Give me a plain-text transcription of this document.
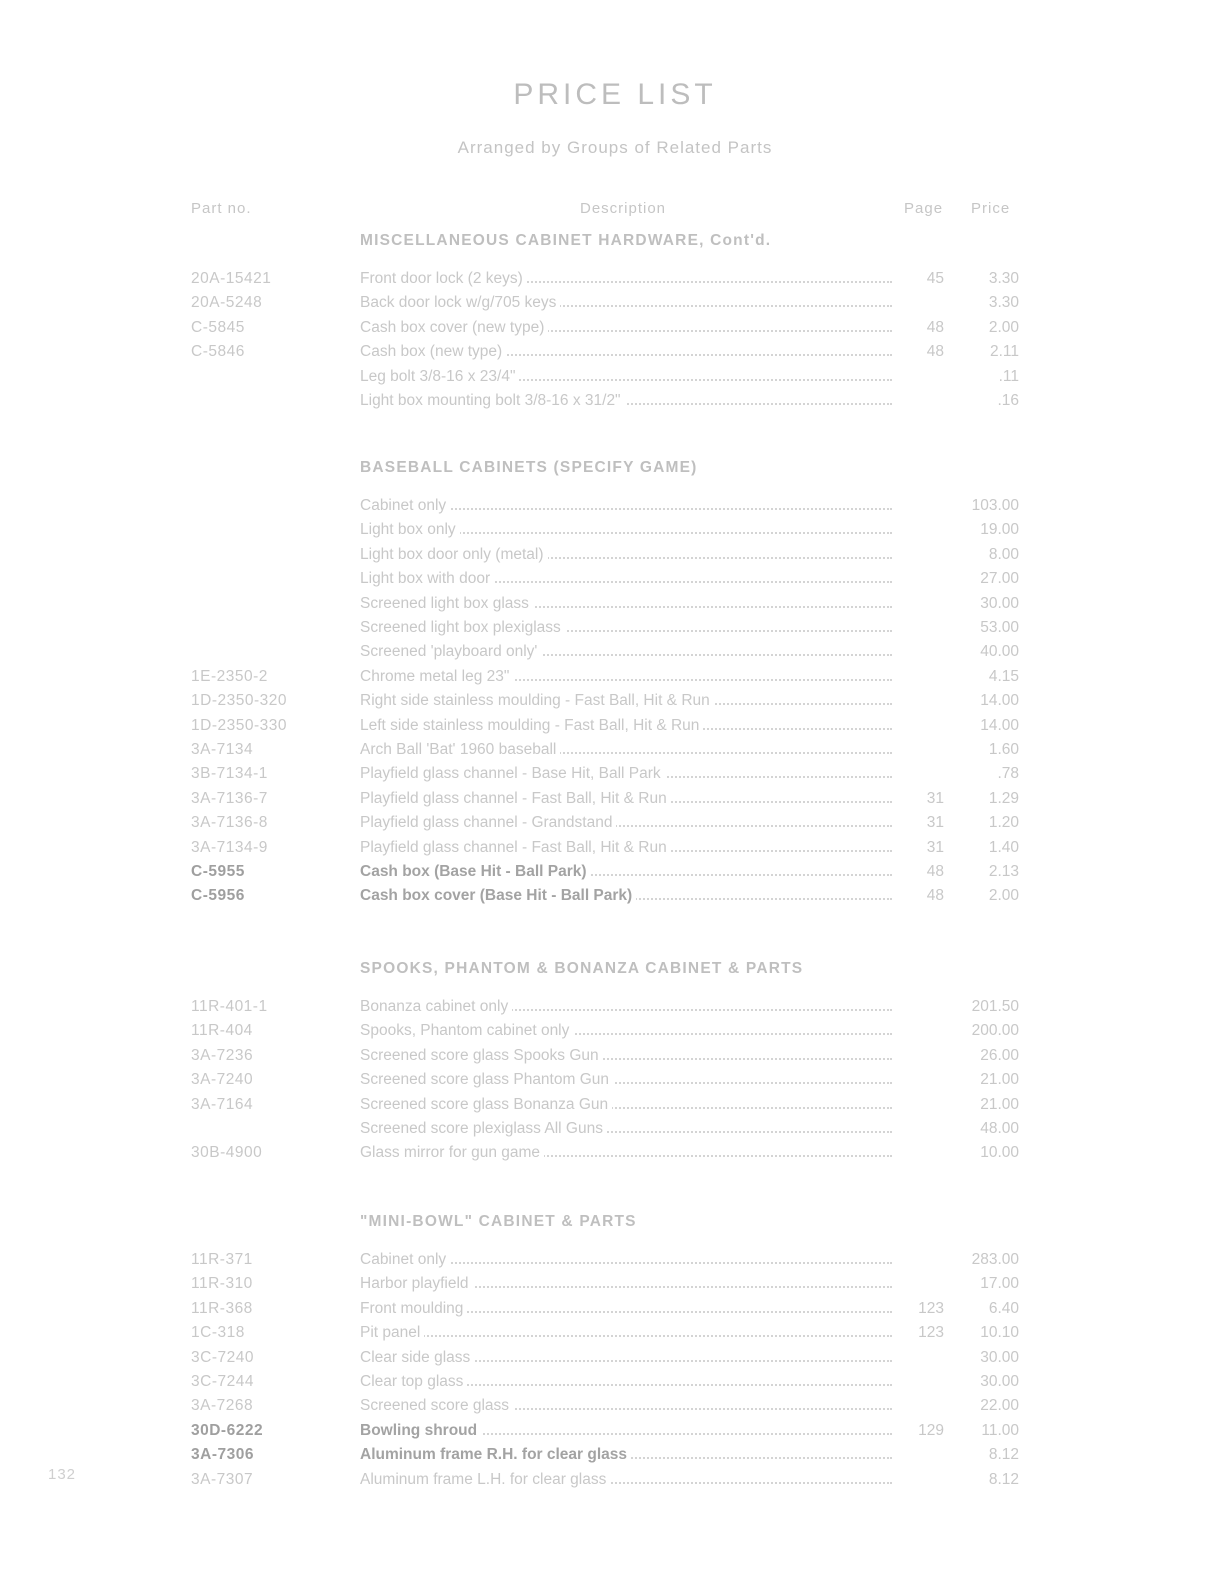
PRICE LIST
Arranged by Groups of Related Parts
Part no.	Description	Page Price
MISCELLANEOUS CABINET HARDWARE, Cont'd.
20A-15421	Front door lock (2 keys)	45	3.30
20A-5248	Back door lock w/g/705 keys	3.30
C-5845	Cash box cover (new type)	48	2.00
C-5846	Cash box (new type)	48	2.11
Leg bolt 3/8-16 x 23/4"	.11
Light box mounting bolt 3/8-16 x 31/2"	.16
BASEBALL CABINETS (SPECIFY GAME)
Cabinet only	103.00
Light box only	19.00
Light box door only (metal)	8.00
Light box with door	27.00
Screened light box glass	30.00
Screened light box plexiglass	53.00
Screened 'playboard only'	40.00
1E-2350-2	Chrome metal leg 23"	4.15
1D-2350-320	Right side stainless moulding - Fast Ball, Hit & Run	14.00
1D-2350-330	Left side stainless moulding - Fast Ball, Hit & Run	14.00
3A-7134	Arch Ball 'Bat' 1960 baseball	1.60
3B-7134-1	Playfield glass channel - Base Hit, Ball Park	.78
3A-7136-7	Playfield glass channel - Fast Ball, Hit & Run	31	1.29
3A-7136-8	Playfield glass channel - Grandstand	31	1.20
3A-7134-9	Playfield glass channel - Fast Ball, Hit & Run	31	1.40
C-5955	Cash box (Base Hit - Ball Park)	48	2.13
C-5956	Cash box cover (Base Hit - Ball Park)	48	2.00
SPOOKS, PHANTOM & BONANZA CABINET & PARTS
11R-401-1	Bonanza cabinet only	201.50
11R-404	Spooks, Phantom cabinet only	200.00
3A-7236	Screened score glass Spooks Gun	26.00
3A-7240	Screened score glass Phantom Gun	21.00
3A-7164	Screened score glass Bonanza Gun	21.00
Screened score plexiglass All Guns	48.00
30B-4900	Glass mirror for gun game	10.00
"MINI-BOWL" CABINET & PARTS
11R-371	Cabinet only	283.00
11R-310	Harbor playfield	17.00
11R-368	Front moulding	123	6.40
1C-318	Pit panel	123	10.10
3C-7240	Clear side glass	30.00
3C-7244	Clear top glass	30.00
3A-7268	Screened score glass	22.00
30D-6222	Bowling shroud	129	11.00
3A-7306	Aluminum frame R.H. for clear glass	8.12
3A-7307	Aluminum frame L.H. for clear glass	8.12
132
